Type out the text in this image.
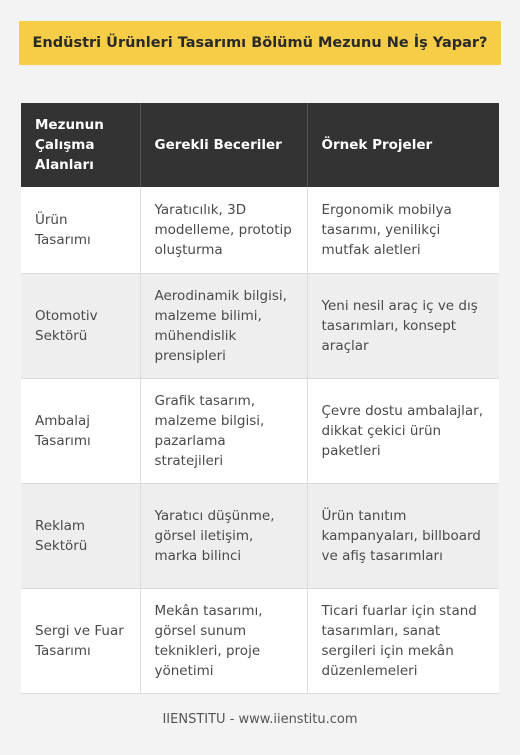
Endüstri Ürünleri Tasarımı Bölümü Mezunu Ne İş Yapar?
Mezunun Çalışma Alanları	Gerekli Beceriler	Örnek Projeler
Ürün Tasarımı	Yaratıcılık, 3D modelleme, prototip oluşturma	Ergonomik mobilya tasarımı, yenilikçi mutfak aletleri
Otomotiv Sektörü	Aerodinamik bilgisi, malzeme bilimi, mühendislik prensipleri	Yeni nesil araç iç ve dış tasarımları, konsept araçlar
Ambalaj Tasarımı	Grafik tasarım, malzeme bilgisi, pazarlama stratejileri	Çevre dostu ambalajlar, dikkat çekici ürün paketleri
Reklam Sektörü	Yaratıcı düşünme, görsel iletişim, marka bilinci	Ürün tanıtım kampanyaları, billboard ve afiş tasarımları
Sergi ve Fuar Tasarımı	Mekân tasarımı, görsel sunum teknikleri, proje yönetimi	Ticari fuarlar için stand tasarımları, sanat sergileri için mekân düzenlemeleri
IIENSTITU - www.iienstitu.com
